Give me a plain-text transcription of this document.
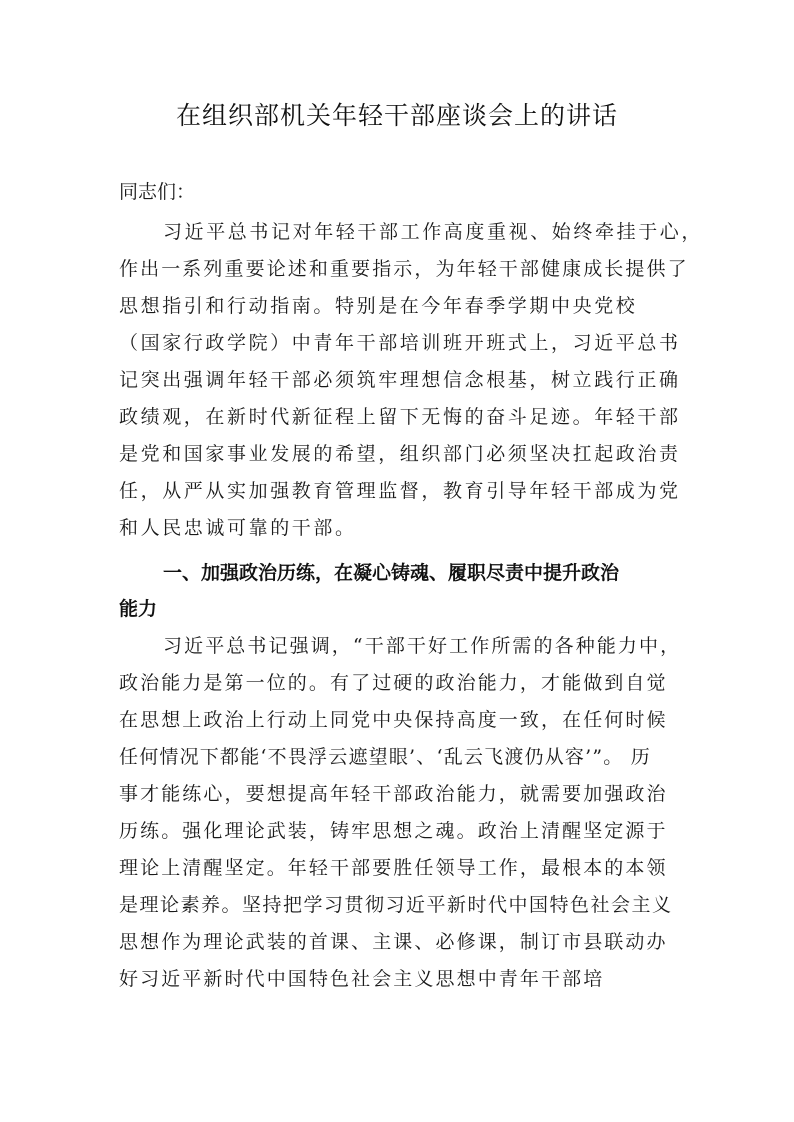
在组织部机关年轻干部座谈会上的讲话
同志们：
习近平总书记对年轻干部工作高度重视、始终牵挂于心，
作出一系列重要论述和重要指示，为年轻干部健康成长提供了
思想指引和行动指南。特别是在今年春季学期中央党校
（国家行政学院）中青年干部培训班开班式上，习近平总书
记突出强调年轻干部必须筑牢理想信念根基，树立践行正确
政绩观，在新时代新征程上留下无悔的奋斗足迹。年轻干部
是党和国家事业发展的希望，组织部门必须坚决扛起政治责
任，从严从实加强教育管理监督，教育引导年轻干部成为党
和人民忠诚可靠的干部。
一、加强政治历练，在凝心铸魂、履职尽责中提升政治
能力
习近平总书记强调，“干部干好工作所需的各种能力中，
政治能力是第一位的。有了过硬的政治能力，才能做到自觉
在思想上政治上行动上同党中央保持高度一致，在任何时候
任何情况下都能‘不畏浮云遮望眼’、‘乱云飞渡仍从容’”。 历
事才能练心，要想提高年轻干部政治能力，就需要加强政治
历练。强化理论武装，铸牢思想之魂。政治上清醒坚定源于
理论上清醒坚定。年轻干部要胜任领导工作，最根本的本领
是理论素养。坚持把学习贯彻习近平新时代中国特色社会主义
思想作为理论武装的首课、主课、必修课，制订市县联动办
好习近平新时代中国特色社会主义思想中青年干部培
